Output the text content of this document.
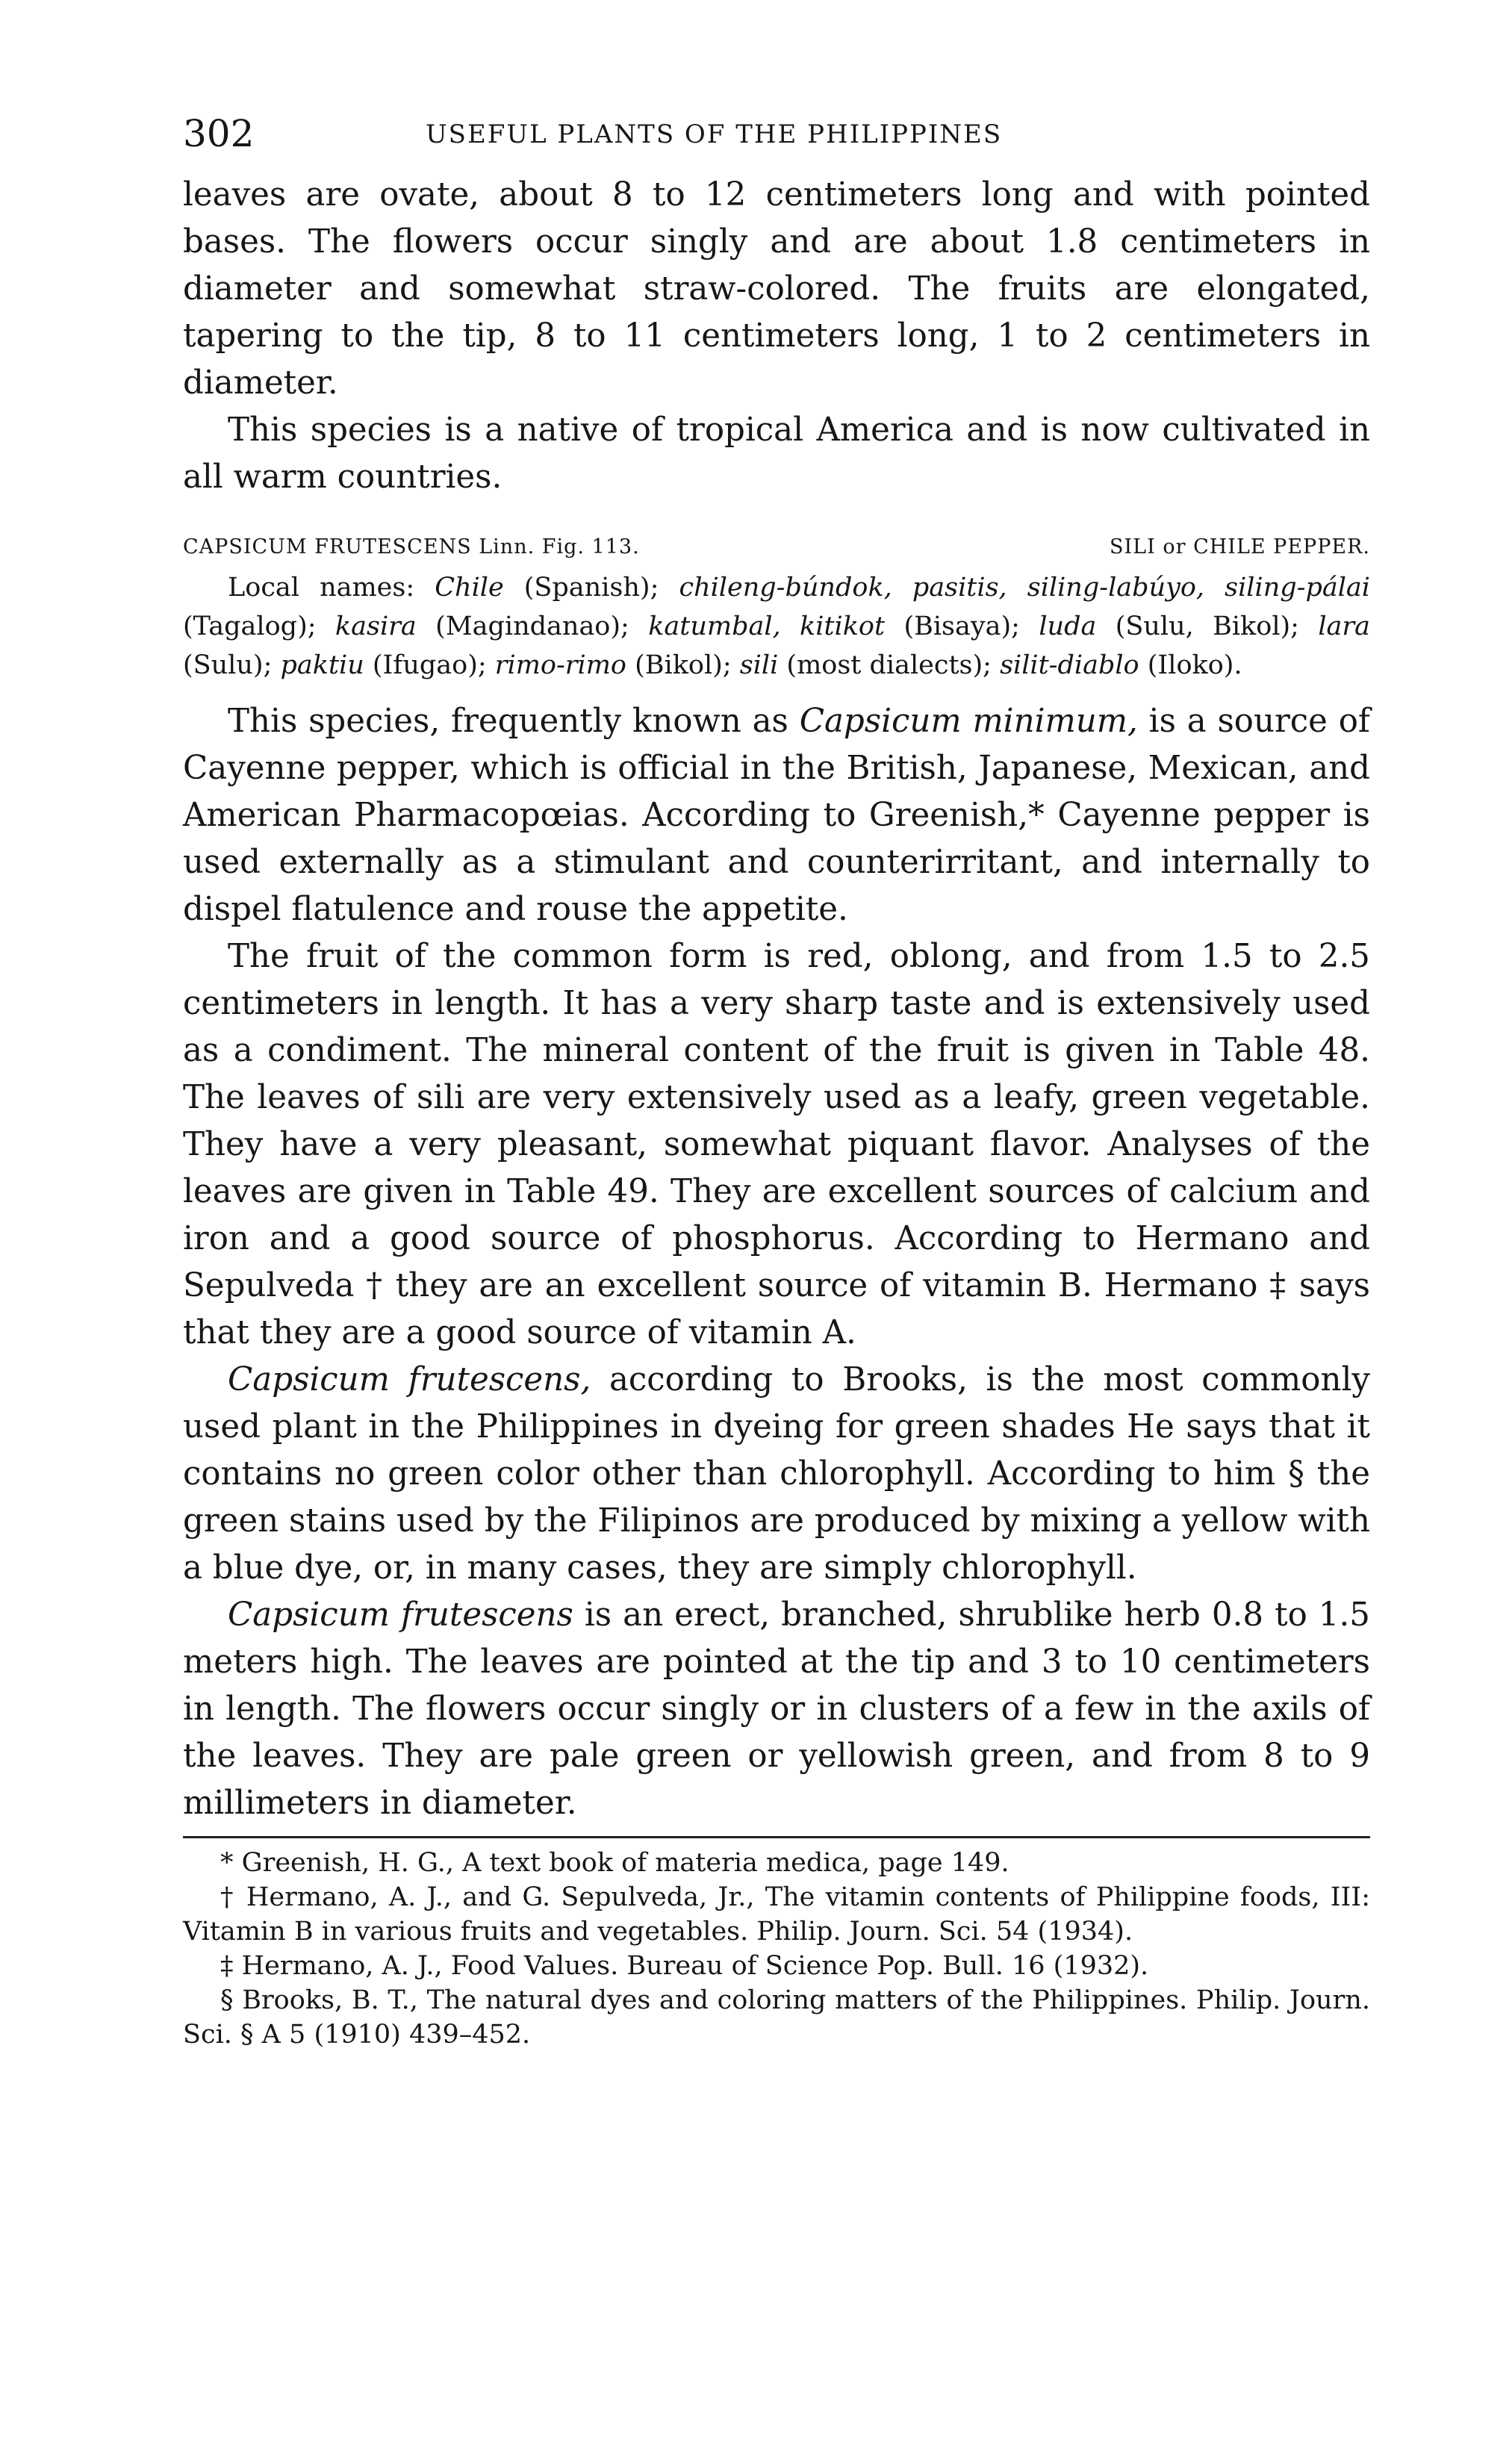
302	USEFUL PLANTS OF THE PHILIPPINES

leaves are ovate, about 8 to 12 centimeters long and with pointed bases. The flowers occur singly and are about 1.8 centimeters in diameter and somewhat straw-colored. The fruits are elongated, tapering to the tip, 8 to 11 centimeters long, 1 to 2 centimeters in diameter.

This species is a native of tropical America and is now cultivated in all warm countries.

CAPSICUM FRUTESCENS Linn. Fig. 113.	SILI or CHILE PEPPER.

Local names: Chile (Spanish); chileng-búndok, pasitis, siling-labúyo, siling-pálai (Tagalog); kasira (Magindanao); katumbal, kitikot (Bisaya); luda (Sulu, Bikol); lara (Sulu); paktiu (Ifugao); rimo-rimo (Bikol); sili (most dialects); silit-diablo (Iloko).

This species, frequently known as Capsicum minimum, is a source of Cayenne pepper, which is official in the British, Japanese, Mexican, and American Pharmacopœias. According to Greenish,* Cayenne pepper is used externally as a stimulant and counterirritant, and internally to dispel flatulence and rouse the appetite.

The fruit of the common form is red, oblong, and from 1.5 to 2.5 centimeters in length. It has a very sharp taste and is extensively used as a condiment. The mineral content of the fruit is given in Table 48. The leaves of sili are very extensively used as a leafy, green vegetable. They have a very pleasant, somewhat piquant flavor. Analyses of the leaves are given in Table 49. They are excellent sources of calcium and iron and a good source of phosphorus. According to Hermano and Sepulveda † they are an excellent source of vitamin B. Hermano ‡ says that they are a good source of vitamin A.

Capsicum frutescens, according to Brooks, is the most commonly used plant in the Philippines in dyeing for green shades He says that it contains no green color other than chlorophyll. According to him § the green stains used by the Filipinos are produced by mixing a yellow with a blue dye, or, in many cases, they are simply chlorophyll.

Capsicum frutescens is an erect, branched, shrublike herb 0.8 to 1.5 meters high. The leaves are pointed at the tip and 3 to 10 centimeters in length. The flowers occur singly or in clusters of a few in the axils of the leaves. They are pale green or yellowish green, and from 8 to 9 millimeters in diameter.

* Greenish, H. G., A text book of materia medica, page 149.

† Hermano, A. J., and G. Sepulveda, Jr., The vitamin contents of Philippine foods, III: Vitamin B in various fruits and vegetables. Philip. Journ. Sci. 54 (1934).

‡ Hermano, A. J., Food Values. Bureau of Science Pop. Bull. 16 (1932).

§ Brooks, B. T., The natural dyes and coloring matters of the Philippines. Philip. Journ. Sci. § A 5 (1910) 439–452.
